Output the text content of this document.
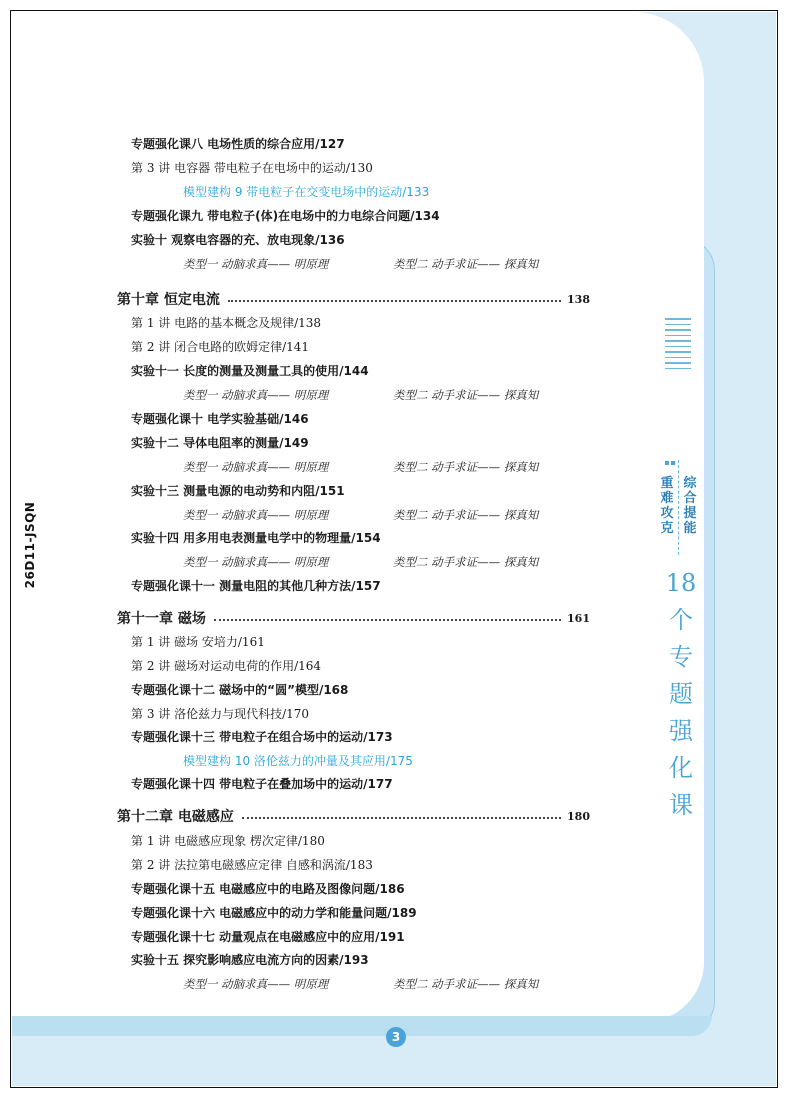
26D11-JSQN
综合提能
重难攻克
18
个
专
题
强
化
课
3
专题强化课八 电场性质的综合应用/127
第 3 讲 电容器 带电粒子在电场中的运动/130
模型建构 9 带电粒子在交变电场中的运动/133
专题强化课九 带电粒子(体)在电场中的力电综合问题/134
实验十 观察电容器的充、放电现象/136
类型一 动脑求真—— 明原理	类型二 动手求证—— 探真知
第十章 恒定电流	138
第 1 讲 电路的基本概念及规律/138
第 2 讲 闭合电路的欧姆定律/141
实验十一 长度的测量及测量工具的使用/144
类型一 动脑求真—— 明原理	类型二 动手求证—— 探真知
专题强化课十 电学实验基础/146
实验十二 导体电阻率的测量/149
类型一 动脑求真—— 明原理	类型二 动手求证—— 探真知
实验十三 测量电源的电动势和内阻/151
类型一 动脑求真—— 明原理	类型二 动手求证—— 探真知
实验十四 用多用电表测量电学中的物理量/154
类型一 动脑求真—— 明原理	类型二 动手求证—— 探真知
专题强化课十一 测量电阻的其他几种方法/157
第十一章 磁场	161
第 1 讲 磁场 安培力/161
第 2 讲 磁场对运动电荷的作用/164
专题强化课十二 磁场中的“圆”模型/168
第 3 讲 洛伦兹力与现代科技/170
专题强化课十三 带电粒子在组合场中的运动/173
模型建构 10 洛伦兹力的冲量及其应用/175
专题强化课十四 带电粒子在叠加场中的运动/177
第十二章 电磁感应	180
第 1 讲 电磁感应现象 楞次定律/180
第 2 讲 法拉第电磁感应定律 自感和涡流/183
专题强化课十五 电磁感应中的电路及图像问题/186
专题强化课十六 电磁感应中的动力学和能量问题/189
专题强化课十七 动量观点在电磁感应中的应用/191
实验十五 探究影响感应电流方向的因素/193
类型一 动脑求真—— 明原理	类型二 动手求证—— 探真知
